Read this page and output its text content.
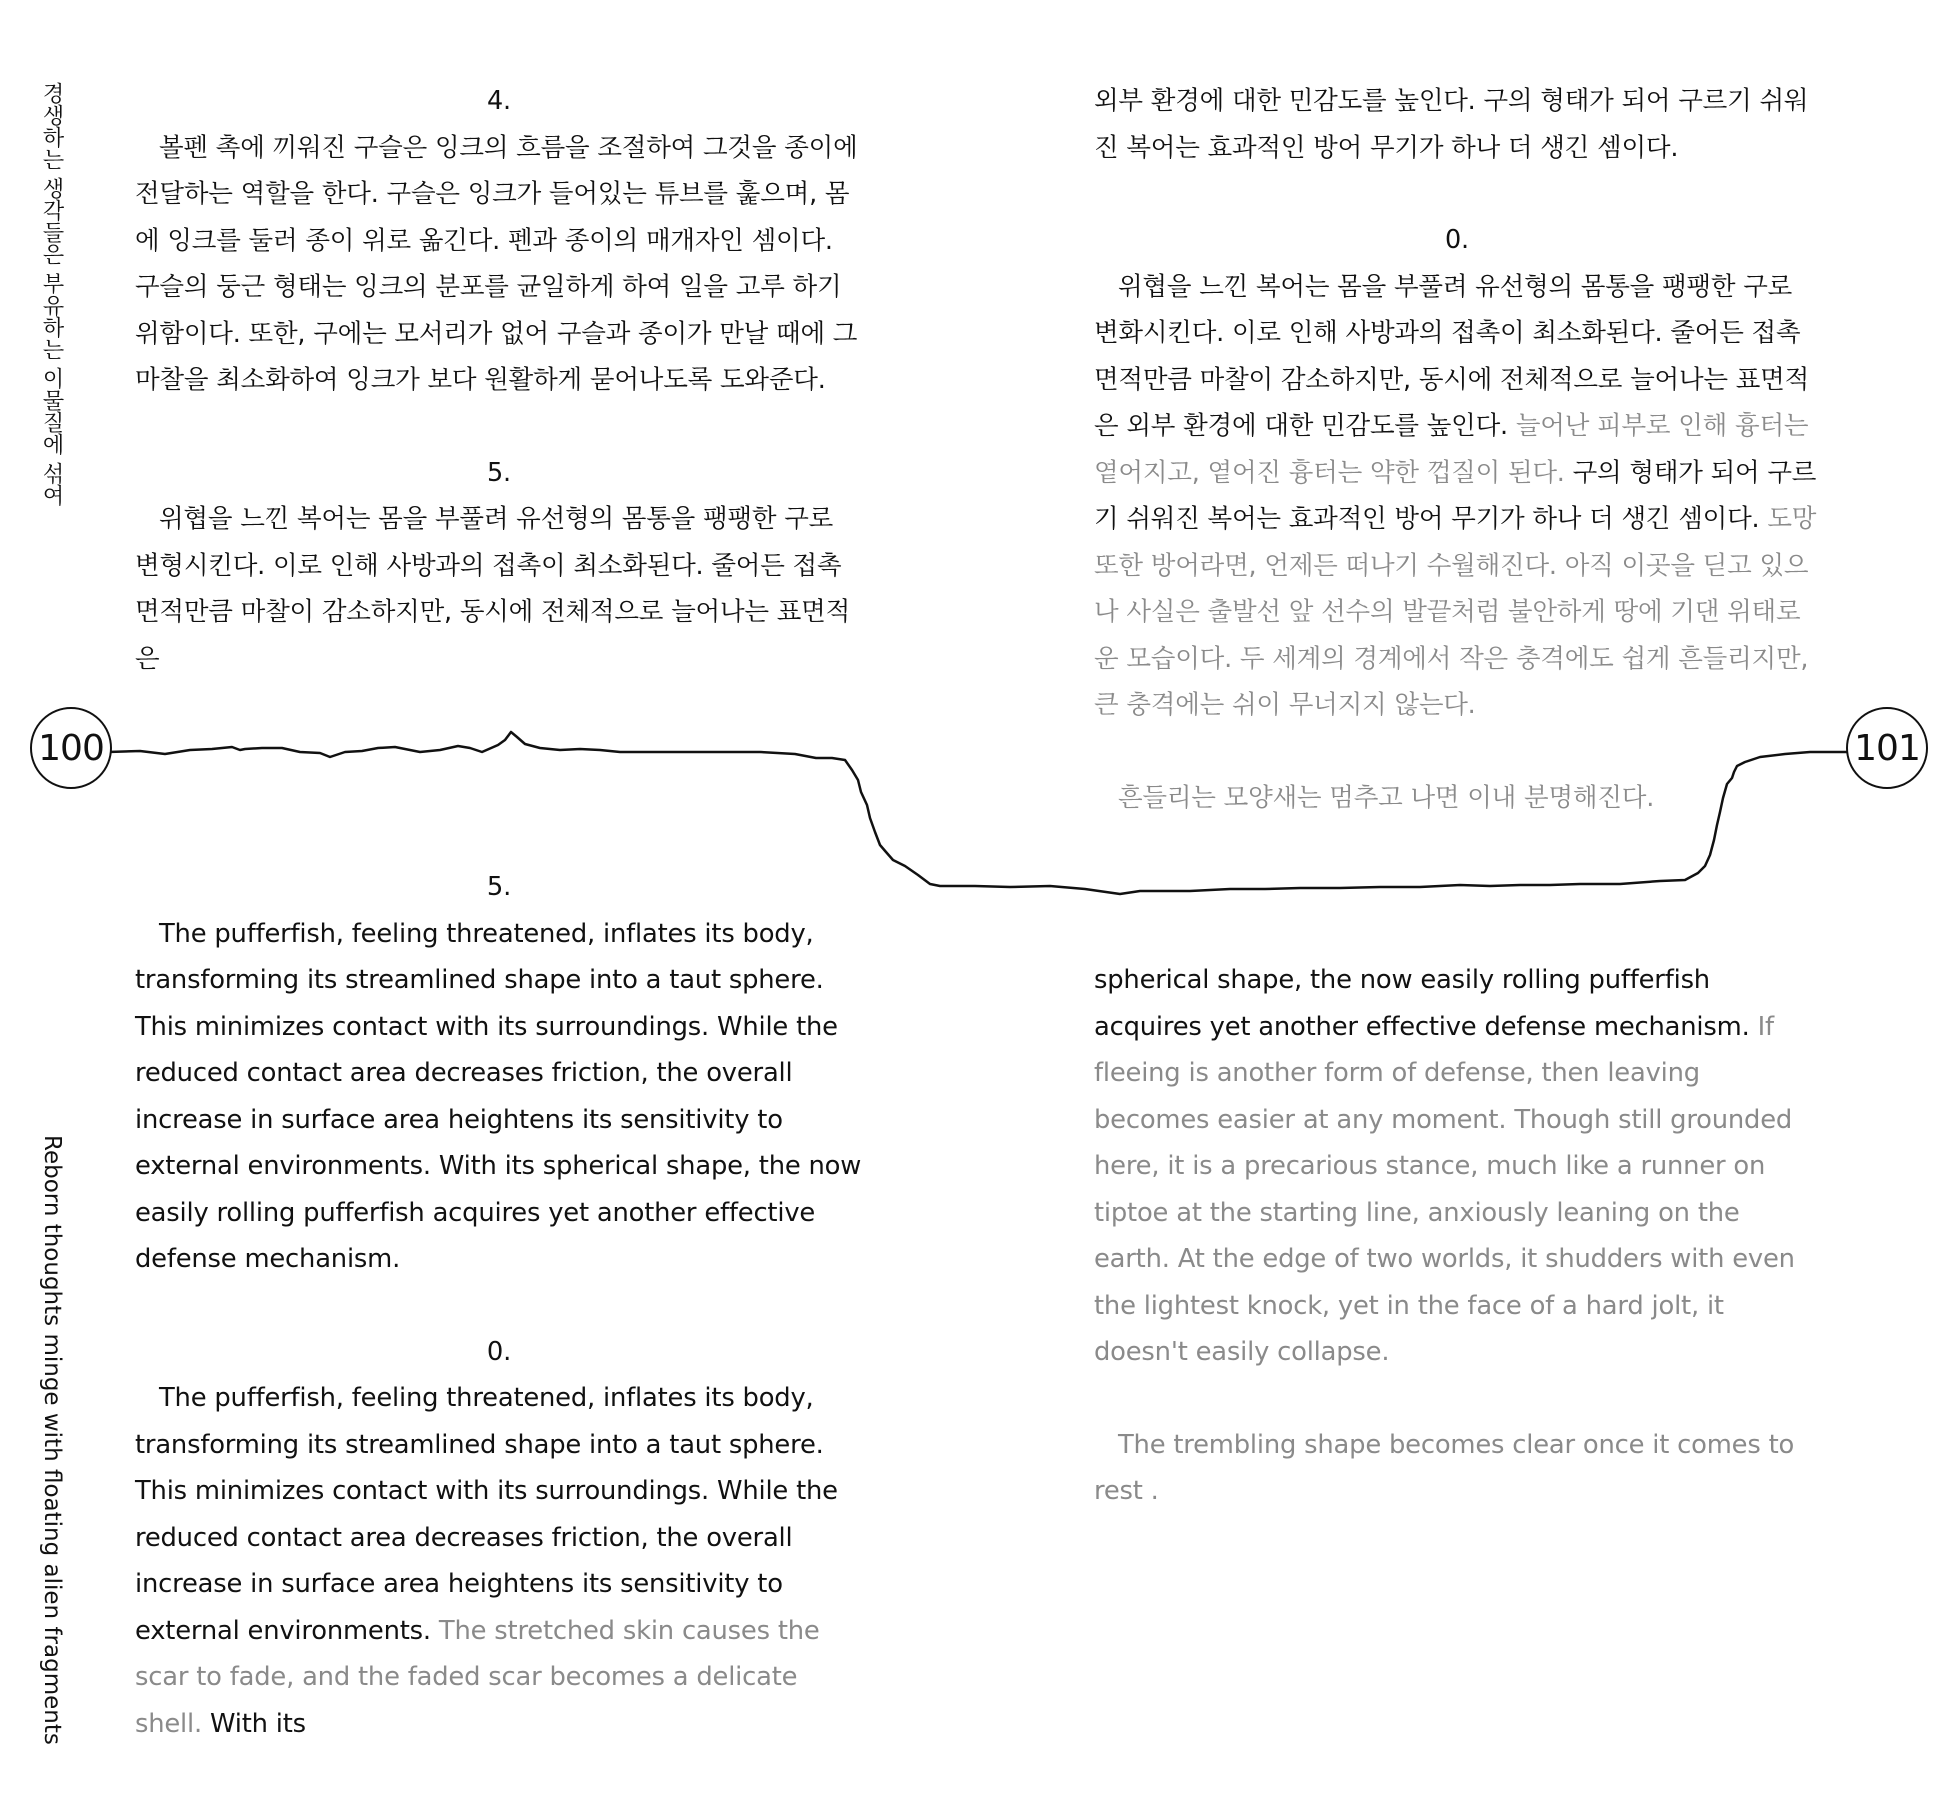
경생하는 생각들은 부유하는 이물질에 섞여
Reborn thoughts minge with floating alien fragments
4.
볼펜 촉에 끼워진 구슬은 잉크의 흐름을 조절하여 그것을 종이에 전달하는 역할을 한다. 구슬은 잉크가 들어있는 튜브를 훑으며, 몸에 잉크를 둘러 종이 위로 옮긴다. 펜과 종이의 매개자인 셈이다. 구슬의 둥근 형태는 잉크의 분포를 균일하게 하여 일을 고루 하기 위함이다. 또한, 구에는 모서리가 없어 구슬과 종이가 만날 때에 그 마찰을 최소화하여 잉크가 보다 원활하게 묻어나도록 도와준다.
5.
위협을 느낀 복어는 몸을 부풀려 유선형의 몸통을 팽팽한 구로 변형시킨다. 이로 인해 사방과의 접촉이 최소화된다. 줄어든 접촉 면적만큼 마찰이 감소하지만, 동시에 전체적으로 늘어나는 표면적은
외부 환경에 대한 민감도를 높인다. 구의 형태가 되어 구르기 쉬워진 복어는 효과적인 방어 무기가 하나 더 생긴 셈이다.
0.
위협을 느낀 복어는 몸을 부풀려 유선형의 몸통을 팽팽한 구로 변화시킨다. 이로 인해 사방과의 접촉이 최소화된다. 줄어든 접촉 면적만큼 마찰이 감소하지만, 동시에 전체적으로 늘어나는 표면적은 외부 환경에 대한 민감도를 높인다. 늘어난 피부로 인해 흉터는 옅어지고, 옅어진 흉터는 약한 껍질이 된다. 구의 형태가 되어 구르기 쉬워진 복어는 효과적인 방어 무기가 하나 더 생긴 셈이다. 도망 또한 방어라면, 언제든 떠나기 수월해진다. 아직 이곳을 딛고 있으나 사실은 출발선 앞 선수의 발끝처럼 불안하게 땅에 기댄 위태로운 모습이다. 두 세계의 경계에서 작은 충격에도 쉽게 흔들리지만, 큰 충격에는 쉬이 무너지지 않는다.
흔들리는 모양새는 멈추고 나면 이내 분명해진다.
5.
The pufferfish, feeling threatened, inflates its body, transforming its streamlined shape into a taut sphere. This minimizes contact with its surroundings. While the reduced contact area decreases friction, the overall increase in surface area heightens its sensitivity to external environments. With its spherical shape, the now easily rolling pufferfish acquires yet another effective defense mechanism.
0.
The pufferfish, feeling threatened, inflates its body, transforming its streamlined shape into a taut sphere. This minimizes contact with its surroundings. While the reduced contact area decreases friction, the overall increase in surface area heightens its sensitivity to external environments. The stretched skin causes the scar to fade, and the faded scar becomes a delicate shell. With its
spherical shape, the now easily rolling pufferfish acquires yet another effective defense mechanism. If fleeing is another form of defense, then leaving becomes easier at any moment. Though still grounded here, it is a precarious stance, much like a runner on tiptoe at the starting line, anxiously leaning on the earth. At the edge of two worlds, it shudders with even the lightest knock, yet in the face of a hard jolt, it doesn't easily collapse.
The trembling shape becomes clear once it comes to rest .
100	101
